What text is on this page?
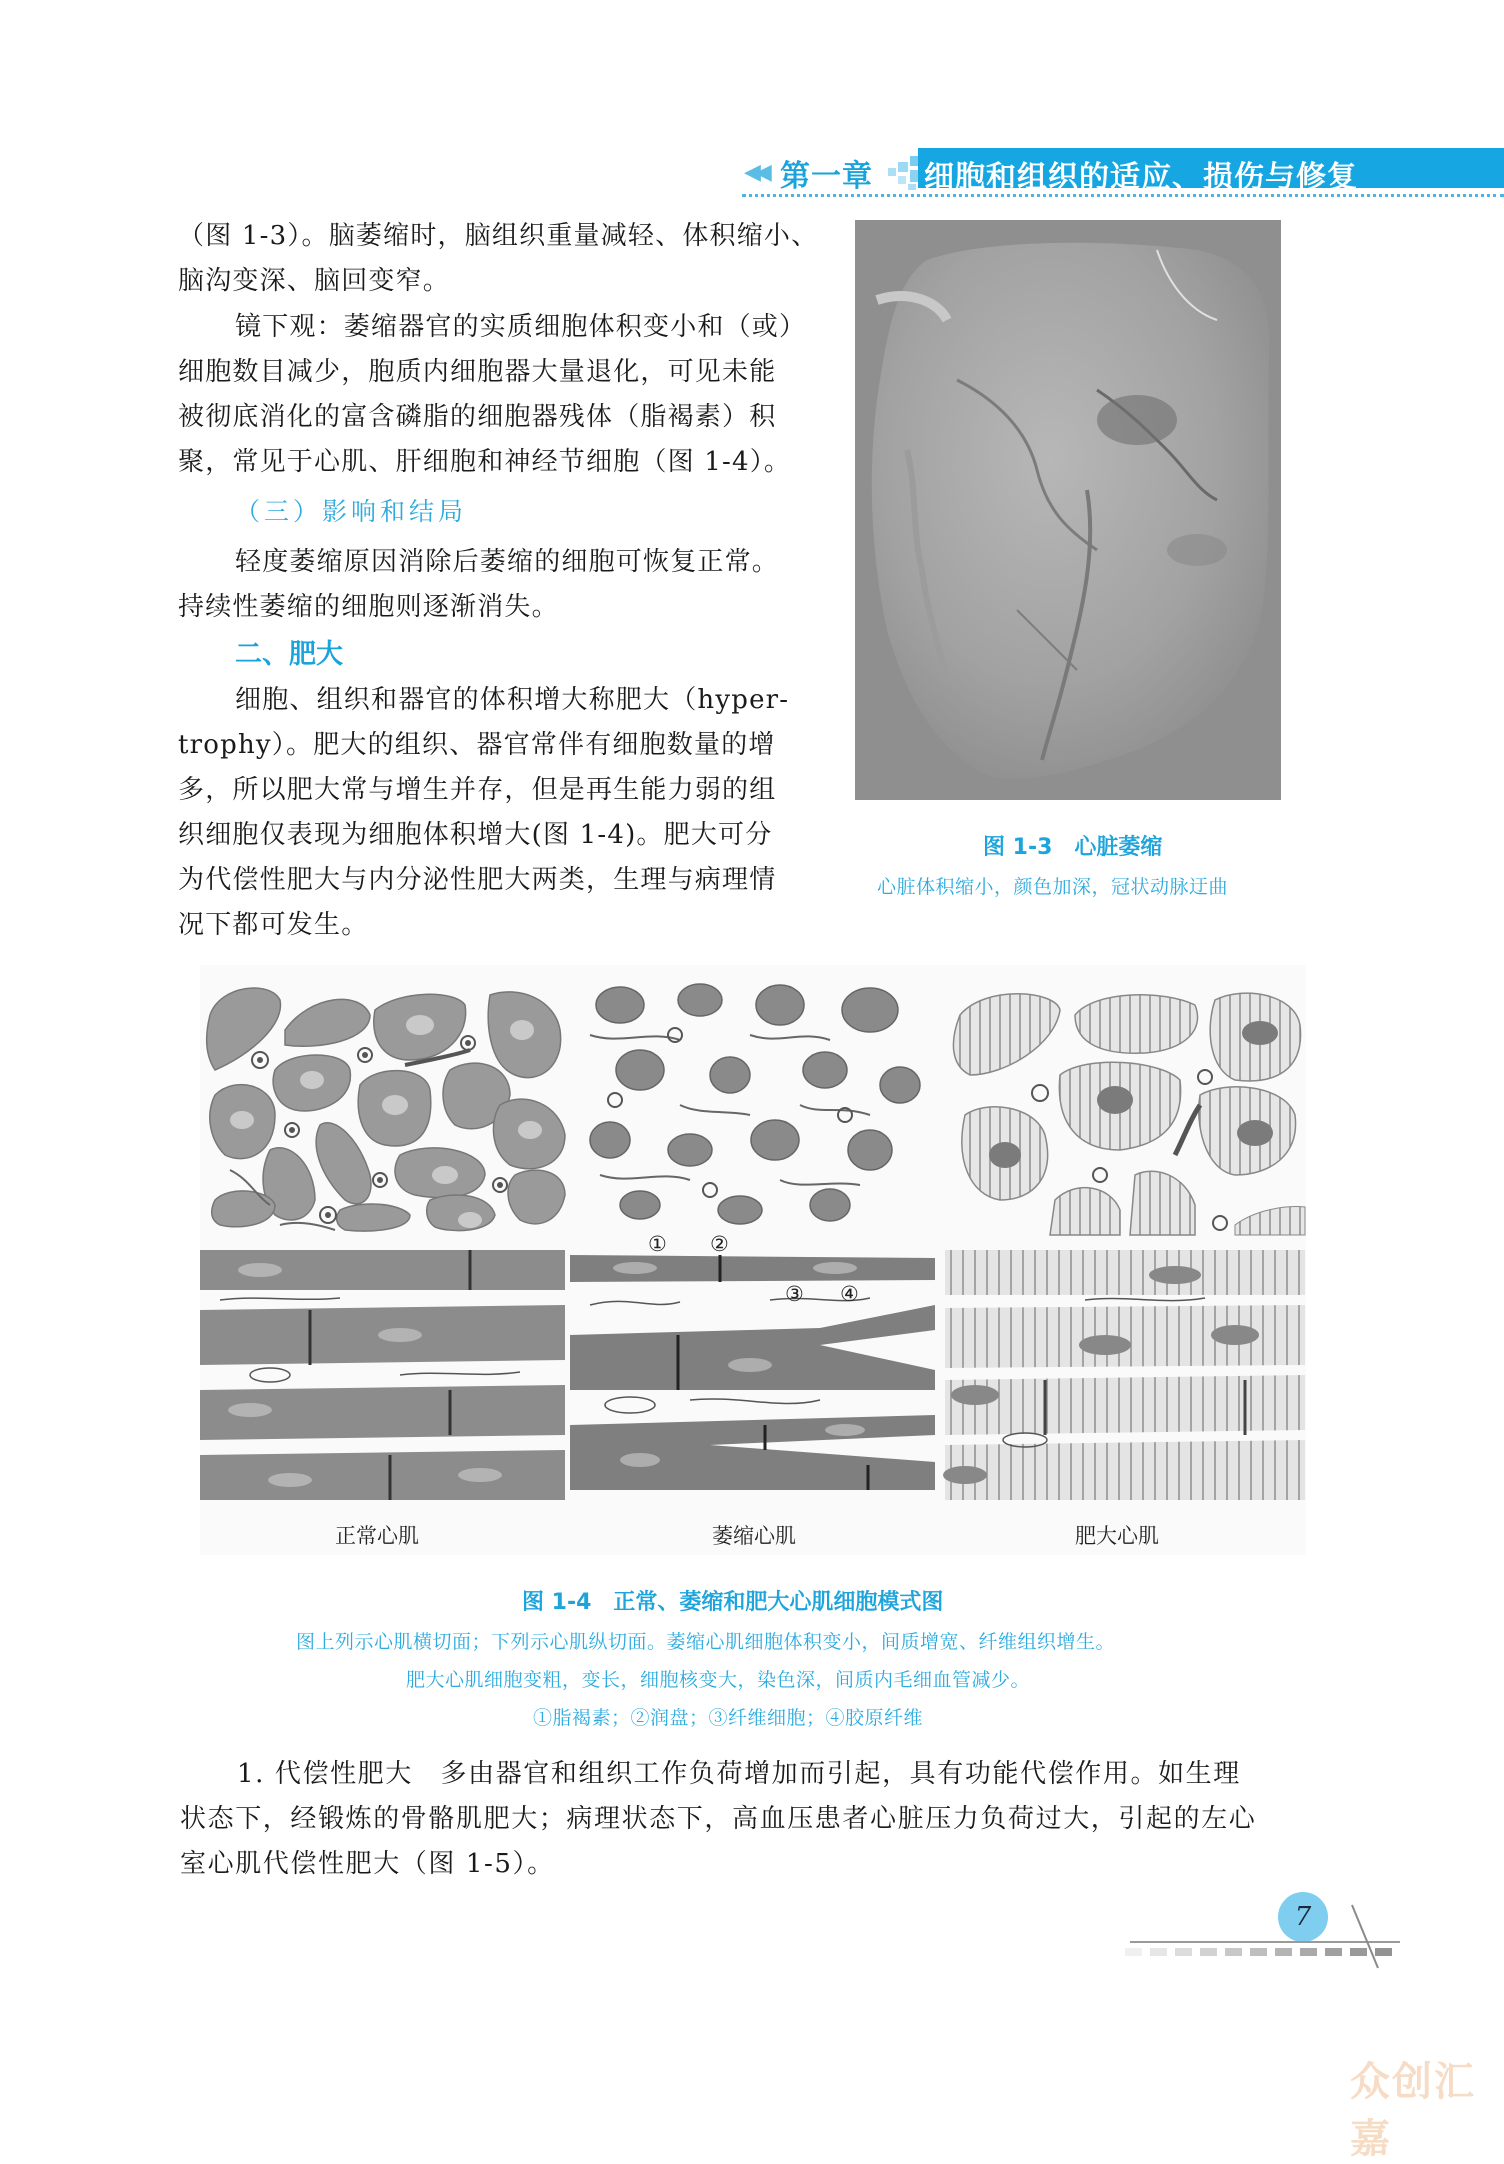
◀◀ 第一章 细胞和组织的适应、损伤与修复
（图 1-3）。脑萎缩时，脑组织重量减轻、体积缩小、
脑沟变深、脑回变窄。
镜下观：萎缩器官的实质细胞体积变小和（或）
细胞数目减少，胞质内细胞器大量退化，可见未能
被彻底消化的富含磷脂的细胞器残体（脂褐素）积
聚，常见于心肌、肝细胞和神经节细胞（图 1-4）。
（三）影响和结局
轻度萎缩原因消除后萎缩的细胞可恢复正常。
持续性萎缩的细胞则逐渐消失。
二、肥大
细胞、组织和器官的体积增大称肥大（hyper-
trophy）。肥大的组织、器官常伴有细胞数量的增
多，所以肥大常与增生并存，但是再生能力弱的组
织细胞仅表现为细胞体积增大(图 1-4)。肥大可分
为代偿性肥大与内分泌性肥大两类，生理与病理情
况下都可发生。
图 1-3　心脏萎缩
心脏体积缩小，颜色加深，冠状动脉迂曲
① ②
③ ④
正常心肌	萎缩心肌	肥大心肌
图 1-4　正常、萎缩和肥大心肌细胞模式图
图上列示心肌横切面；下列示心肌纵切面。萎缩心肌细胞体积变小，间质增宽、纤维组织增生。
肥大心肌细胞变粗，变长，细胞核变大，染色深，间质内毛细血管减少。
①脂褐素；②润盘；③纤维细胞；④胶原纤维
1. 代偿性肥大　多由器官和组织工作负荷增加而引起，具有功能代偿作用。如生理
状态下，经锻炼的骨骼肌肥大；病理状态下，高血压患者心脏压力负荷过大，引起的左心
室心肌代偿性肥大（图 1-5）。
7
众创汇嘉
